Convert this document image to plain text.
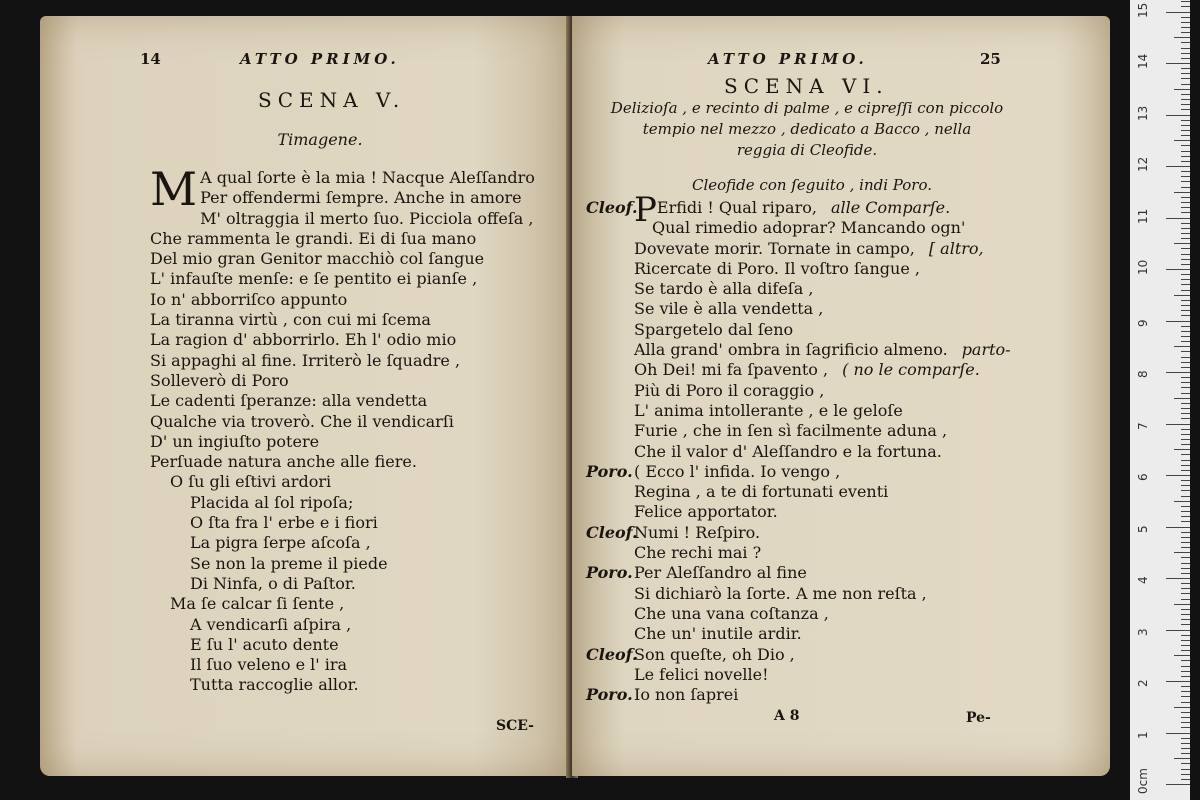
14	ATTO PRIMO.
SCENA V.
Timagene.
M A qual ſorte è la mia ! Nacque Aleſſandro
Per offendermi ſempre. Anche in amore
M' oltraggia il merto ſuo. Picciola offeſa ,
Che rammenta le grandi. Ei di ſua mano
Del mio gran Genitor macchiò col ſangue
L' infauſte menſe: e ſe pentito ei pianſe ,
Io n' abborriſco appunto
La tiranna virtù , con cui mi ſcema
La ragion d' abborrirlo. Eh l' odio mio
Si appaghi al fine. Irriterò le ſquadre ,
Solleverò di Poro
Le cadenti ſperanze: alla vendetta
Qualche via troverò. Che il vendicarſi
D' un ingiuſto potere
Perſuade natura anche alle fiere.
O ſu gli eſtivi ardori
Placida al ſol ripoſa;
O ſta fra l' erbe e i fiori
La pigra ſerpe aſcoſa ,
Se non la preme il piede
Di Ninfa, o di Paſtor.
Ma ſe calcar ſi ſente ,
A vendicarſi aſpira ,
E ſu l' acuto dente
Il ſuo veleno e l' ira
Tutta raccoglie allor.
SCE-
ATTO PRIMO.	25
SCENA VI.
Delizioſa , e recinto di palme , e cipreſſi con piccolo
tempio nel mezzo , dedicato a Bacco , nella
reggia di Cleofide.
Cleofide con ſeguito , indi Poro.
Cleof.PErfidi ! Qual riparo, alle Comparſe.
Qual rimedio adoprar? Mancando ogn'
Dovevate morir. Tornate in campo, [ altro,
Ricercate di Poro. Il voſtro ſangue ,
Se tardo è alla difeſa ,
Se vile è alla vendetta ,
Spargetelo dal ſeno
Alla grand' ombra in ſagrificio almeno. parto-
Oh Dei! mi fa ſpavento , ( no le comparſe.
Più di Poro il coraggio ,
L' anima intollerante , e le geloſe
Furie , che in ſen sì facilmente aduna ,
Che il valor d' Aleſſandro e la fortuna.
Poro.( Ecco l' infida. Io vengo ,
Regina , a te di fortunati eventi
Felice apportator.
Cleof.Numi ! Reſpiro.
Che rechi mai ?
Poro.Per Aleſſandro al fine
Si dichiarò la ſorte. A me non reſta ,
Che una vana coſtanza ,
Che un' inutile ardir.
Cleof.Son queſte, oh Dio ,
Le felici novelle!
Poro.Io non ſaprei
A 8	Pe-
0cm
1
2
3
4
5
6
7
8
9
10
11
12
13
14
15
